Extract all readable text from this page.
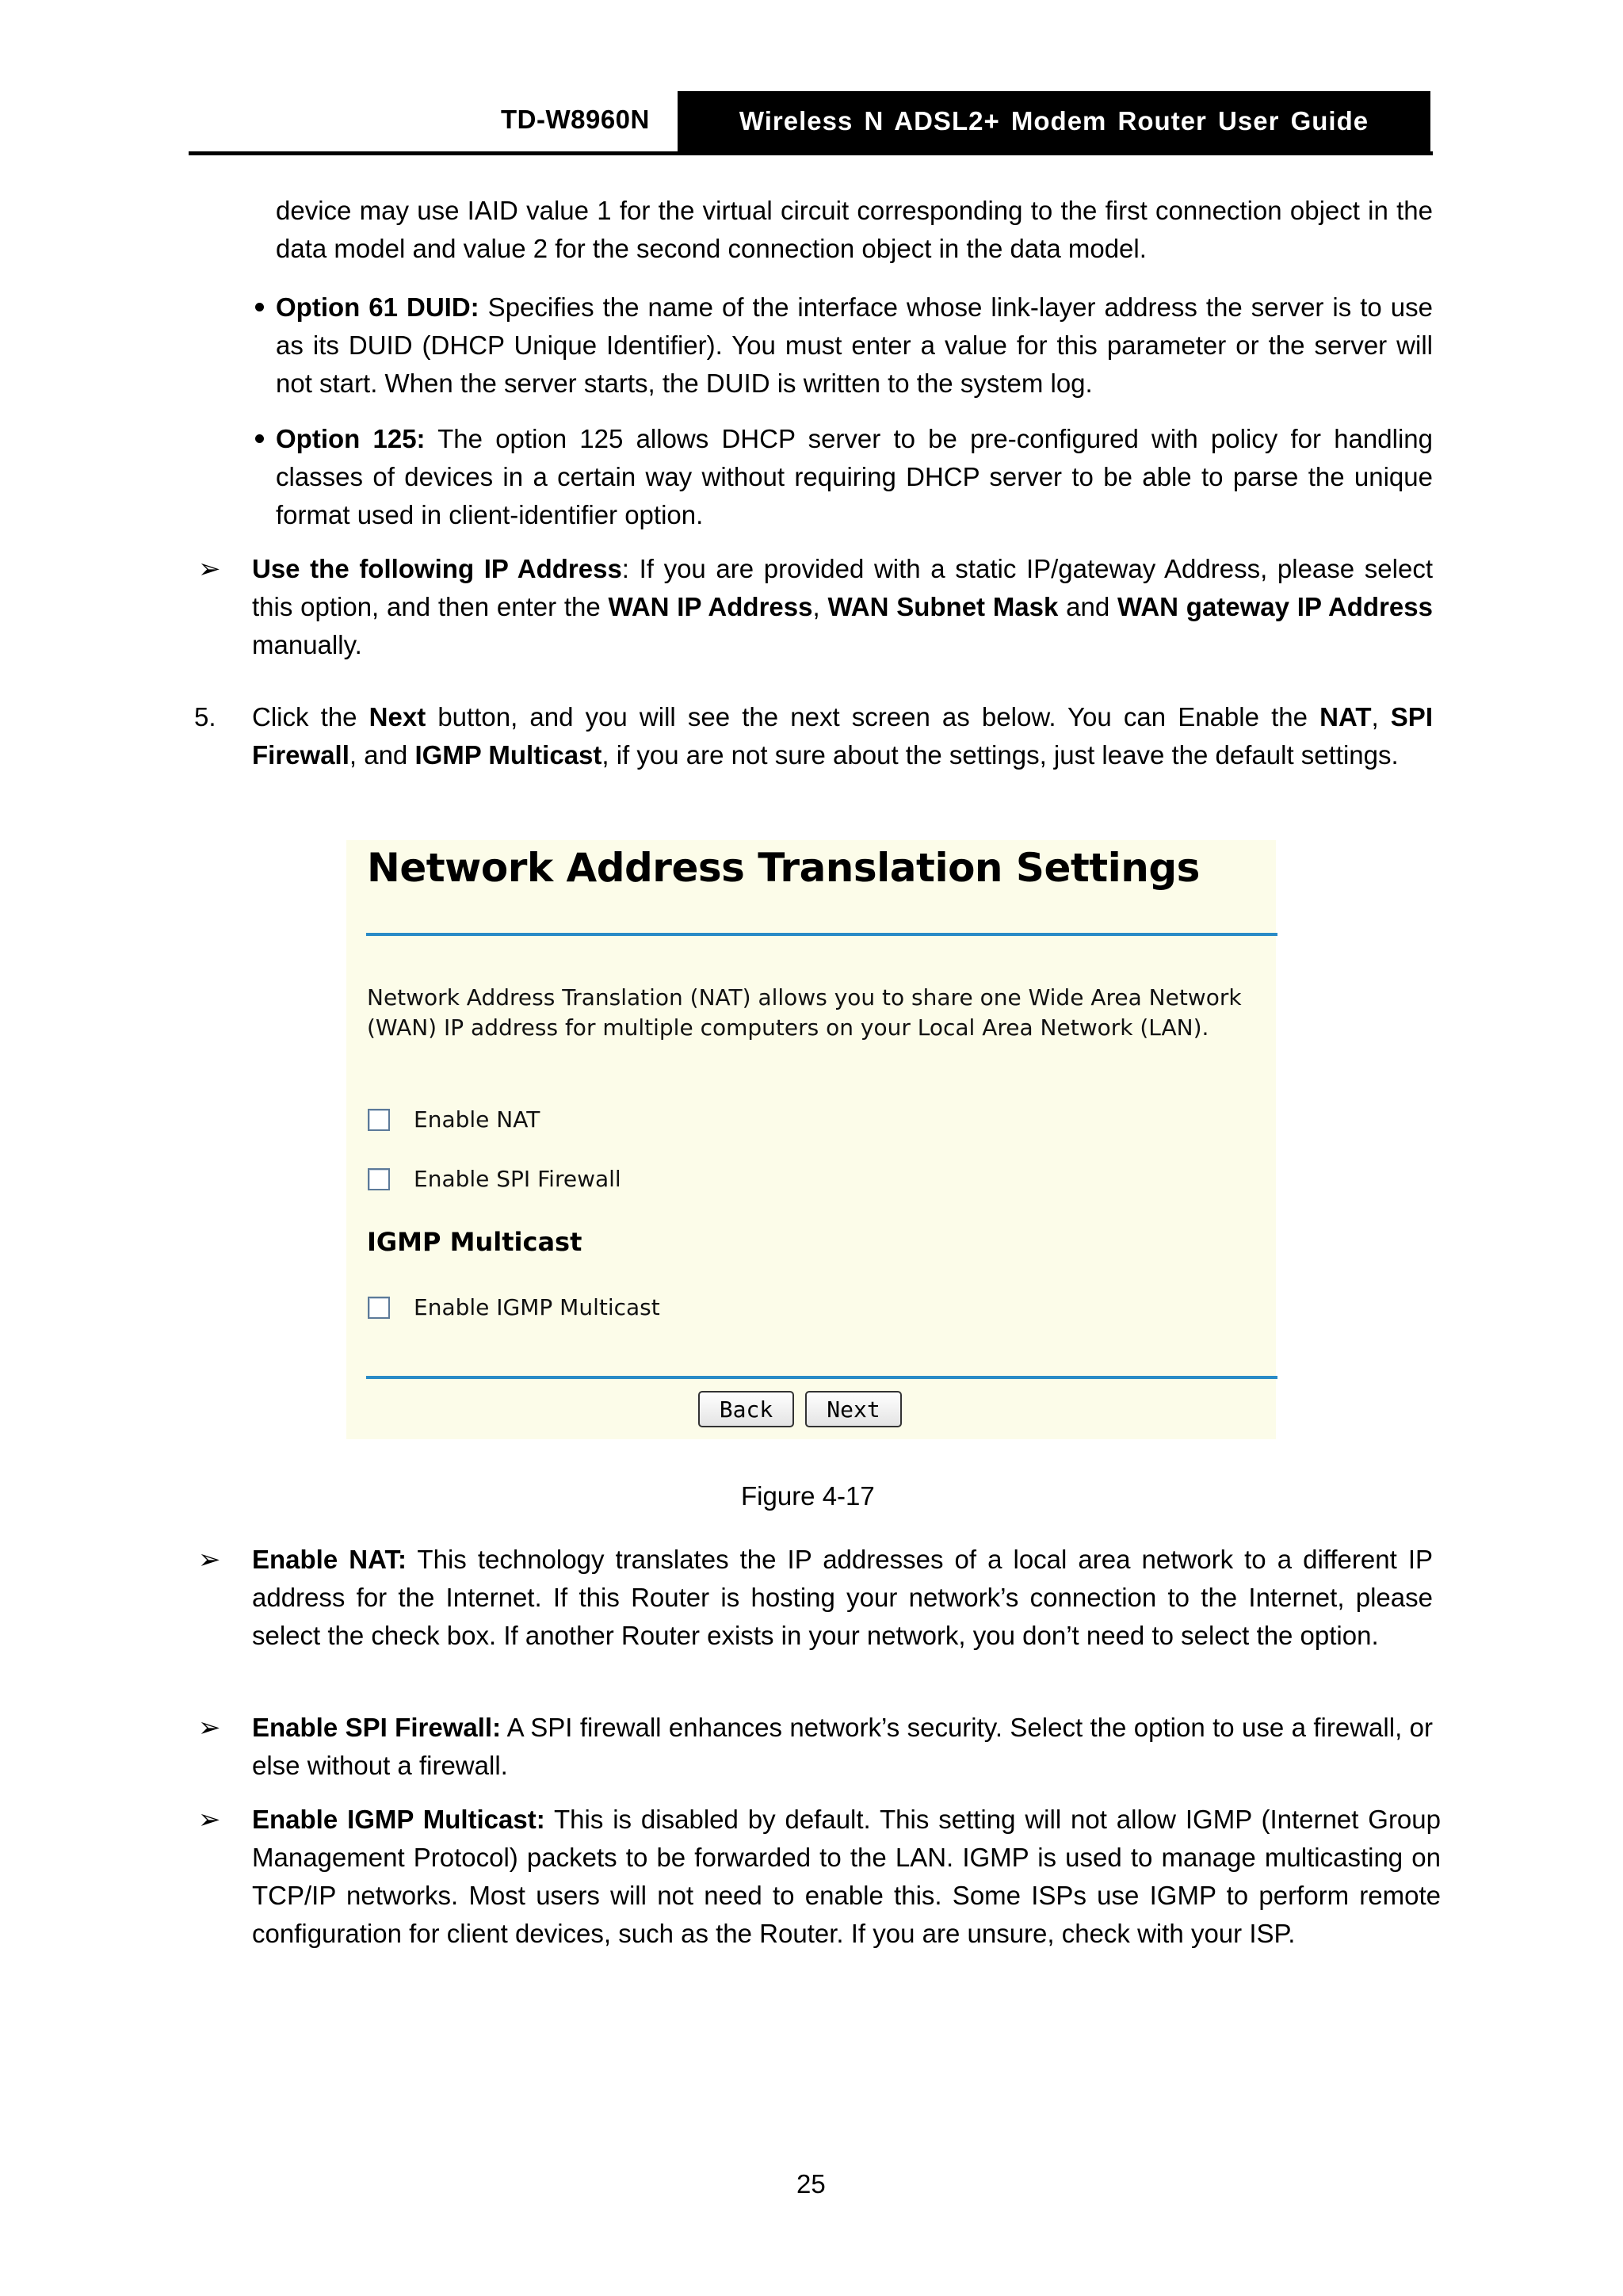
TD-W8960N	Wireless N ADSL2+ Modem Router User Guide
device may use IAID value 1 for the virtual circuit corresponding to the first connection object in the data model and value 2 for the second connection object in the data model.
Option 61 DUID: Specifies the name of the interface whose link-layer address the server is to use as its DUID (DHCP Unique Identifier). You must enter a value for this parameter or the server will not start. When the server starts, the DUID is written to the system log.
Option 125: The option 125 allows DHCP server to be pre-configured with policy for handling classes of devices in a certain way without requiring DHCP server to be able to parse the unique format used in client-identifier option.
➢ Use the following IP Address: If you are provided with a static IP/gateway Address, please select this option, and then enter the WAN IP Address, WAN Subnet Mask and WAN gateway IP Address manually.
5. Click the Next button, and you will see the next screen as below. You can Enable the NAT, SPI Firewall, and IGMP Multicast, if you are not sure about the settings, just leave the default settings.
Network Address Translation Settings
Network Address Translation (NAT) allows you to share one Wide Area Network (WAN) IP address for multiple computers on your Local Area Network (LAN).
Enable NAT
Enable SPI Firewall
IGMP Multicast
Enable IGMP Multicast
Back	Next
Figure 4-17
➢ Enable NAT: This technology translates the IP addresses of a local area network to a different IP address for the Internet. If this Router is hosting your network’s connection to the Internet, please select the check box. If another Router exists in your network, you don’t need to select the option.
➢ Enable SPI Firewall: A SPI firewall enhances network’s security. Select the option to use a firewall, or else without a firewall.
➢ Enable IGMP Multicast: This is disabled by default. This setting will not allow IGMP (Internet Group Management Protocol) packets to be forwarded to the LAN. IGMP is used to manage multicasting on TCP/IP networks. Most users will not need to enable this. Some ISPs use IGMP to perform remote configuration for client devices, such as the Router. If you are unsure, check with your ISP.
25
